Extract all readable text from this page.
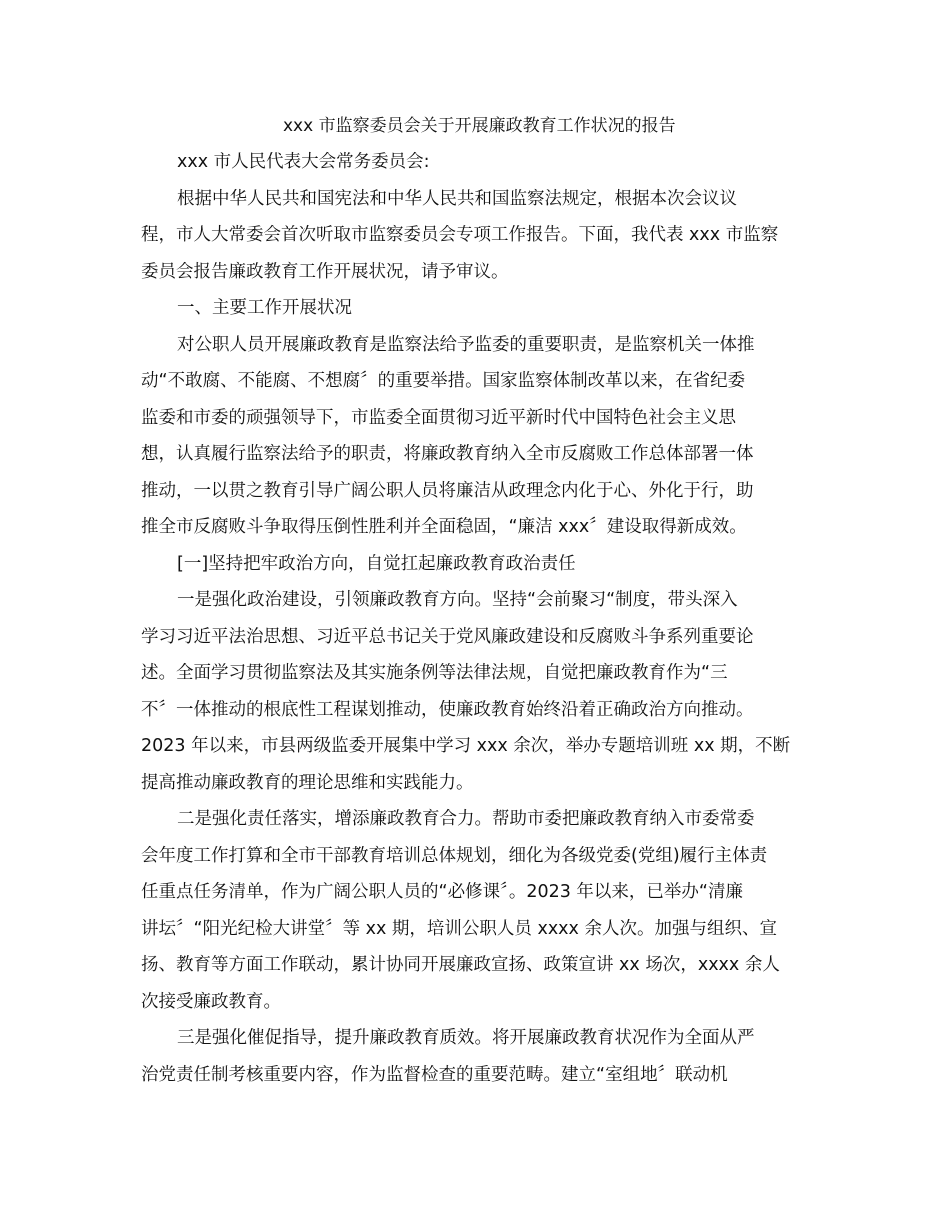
xxx 市监察委员会关于开展廉政教育工作状况的报告

xxx 市人民代表大会常务委员会:

根据中华人民共和国宪法和中华人民共和国监察法规定，根据本次会议议

程，市人大常委会首次听取市监察委员会专项工作报告。下面，我代表 xxx 市监察

委员会报告廉政教育工作开展状况，请予审议。

一、主要工作开展状况

对公职人员开展廉政教育是监察法给予监委的重要职责，是监察机关一体推

动“不敢腐、不能腐、不想腐〞的重要举措。国家监察体制改革以来，在省纪委

监委和市委的顽强领导下，市监委全面贯彻习近平新时代中国特色社会主义思

想，认真履行监察法给予的职责，将廉政教育纳入全市反腐败工作总体部署一体

推动，一以贯之教育引导广阔公职人员将廉洁从政理念内化于心、外化于行，助

推全市反腐败斗争取得压倒性胜利并全面稳固，“廉洁 xxx〞建设取得新成效。

[一]坚持把牢政治方向，自觉扛起廉政教育政治责任

一是强化政治建设，引领廉政教育方向。坚持“会前聚习“制度，带头深入

学习习近平法治思想、习近平总书记关于党风廉政建设和反腐败斗争系列重要论

述。全面学习贯彻监察法及其实施条例等法律法规，自觉把廉政教育作为“三

不〞一体推动的根底性工程谋划推动，使廉政教育始终沿着正确政治方向推动。

2023 年以来，市县两级监委开展集中学习 xxx 余次，举办专题培训班 xx 期，不断

提高推动廉政教育的理论思维和实践能力。

二是强化责任落实，增添廉政教育合力。帮助市委把廉政教育纳入市委常委

会年度工作打算和全市干部教育培训总体规划，细化为各级党委(党组)履行主体责

任重点任务清单，作为广阔公职人员的“必修课〞。2023 年以来，已举办“清廉

讲坛〞“阳光纪检大讲堂〞等 xx 期，培训公职人员 xxxx 余人次。加强与组织、宣

扬、教育等方面工作联动，累计协同开展廉政宣扬、政策宣讲 xx 场次，xxxx 余人

次接受廉政教育。

三是强化催促指导，提升廉政教育质效。将开展廉政教育状况作为全面从严

治党责任制考核重要内容，作为监督检查的重要范畴。建立“室组地〞联动机
